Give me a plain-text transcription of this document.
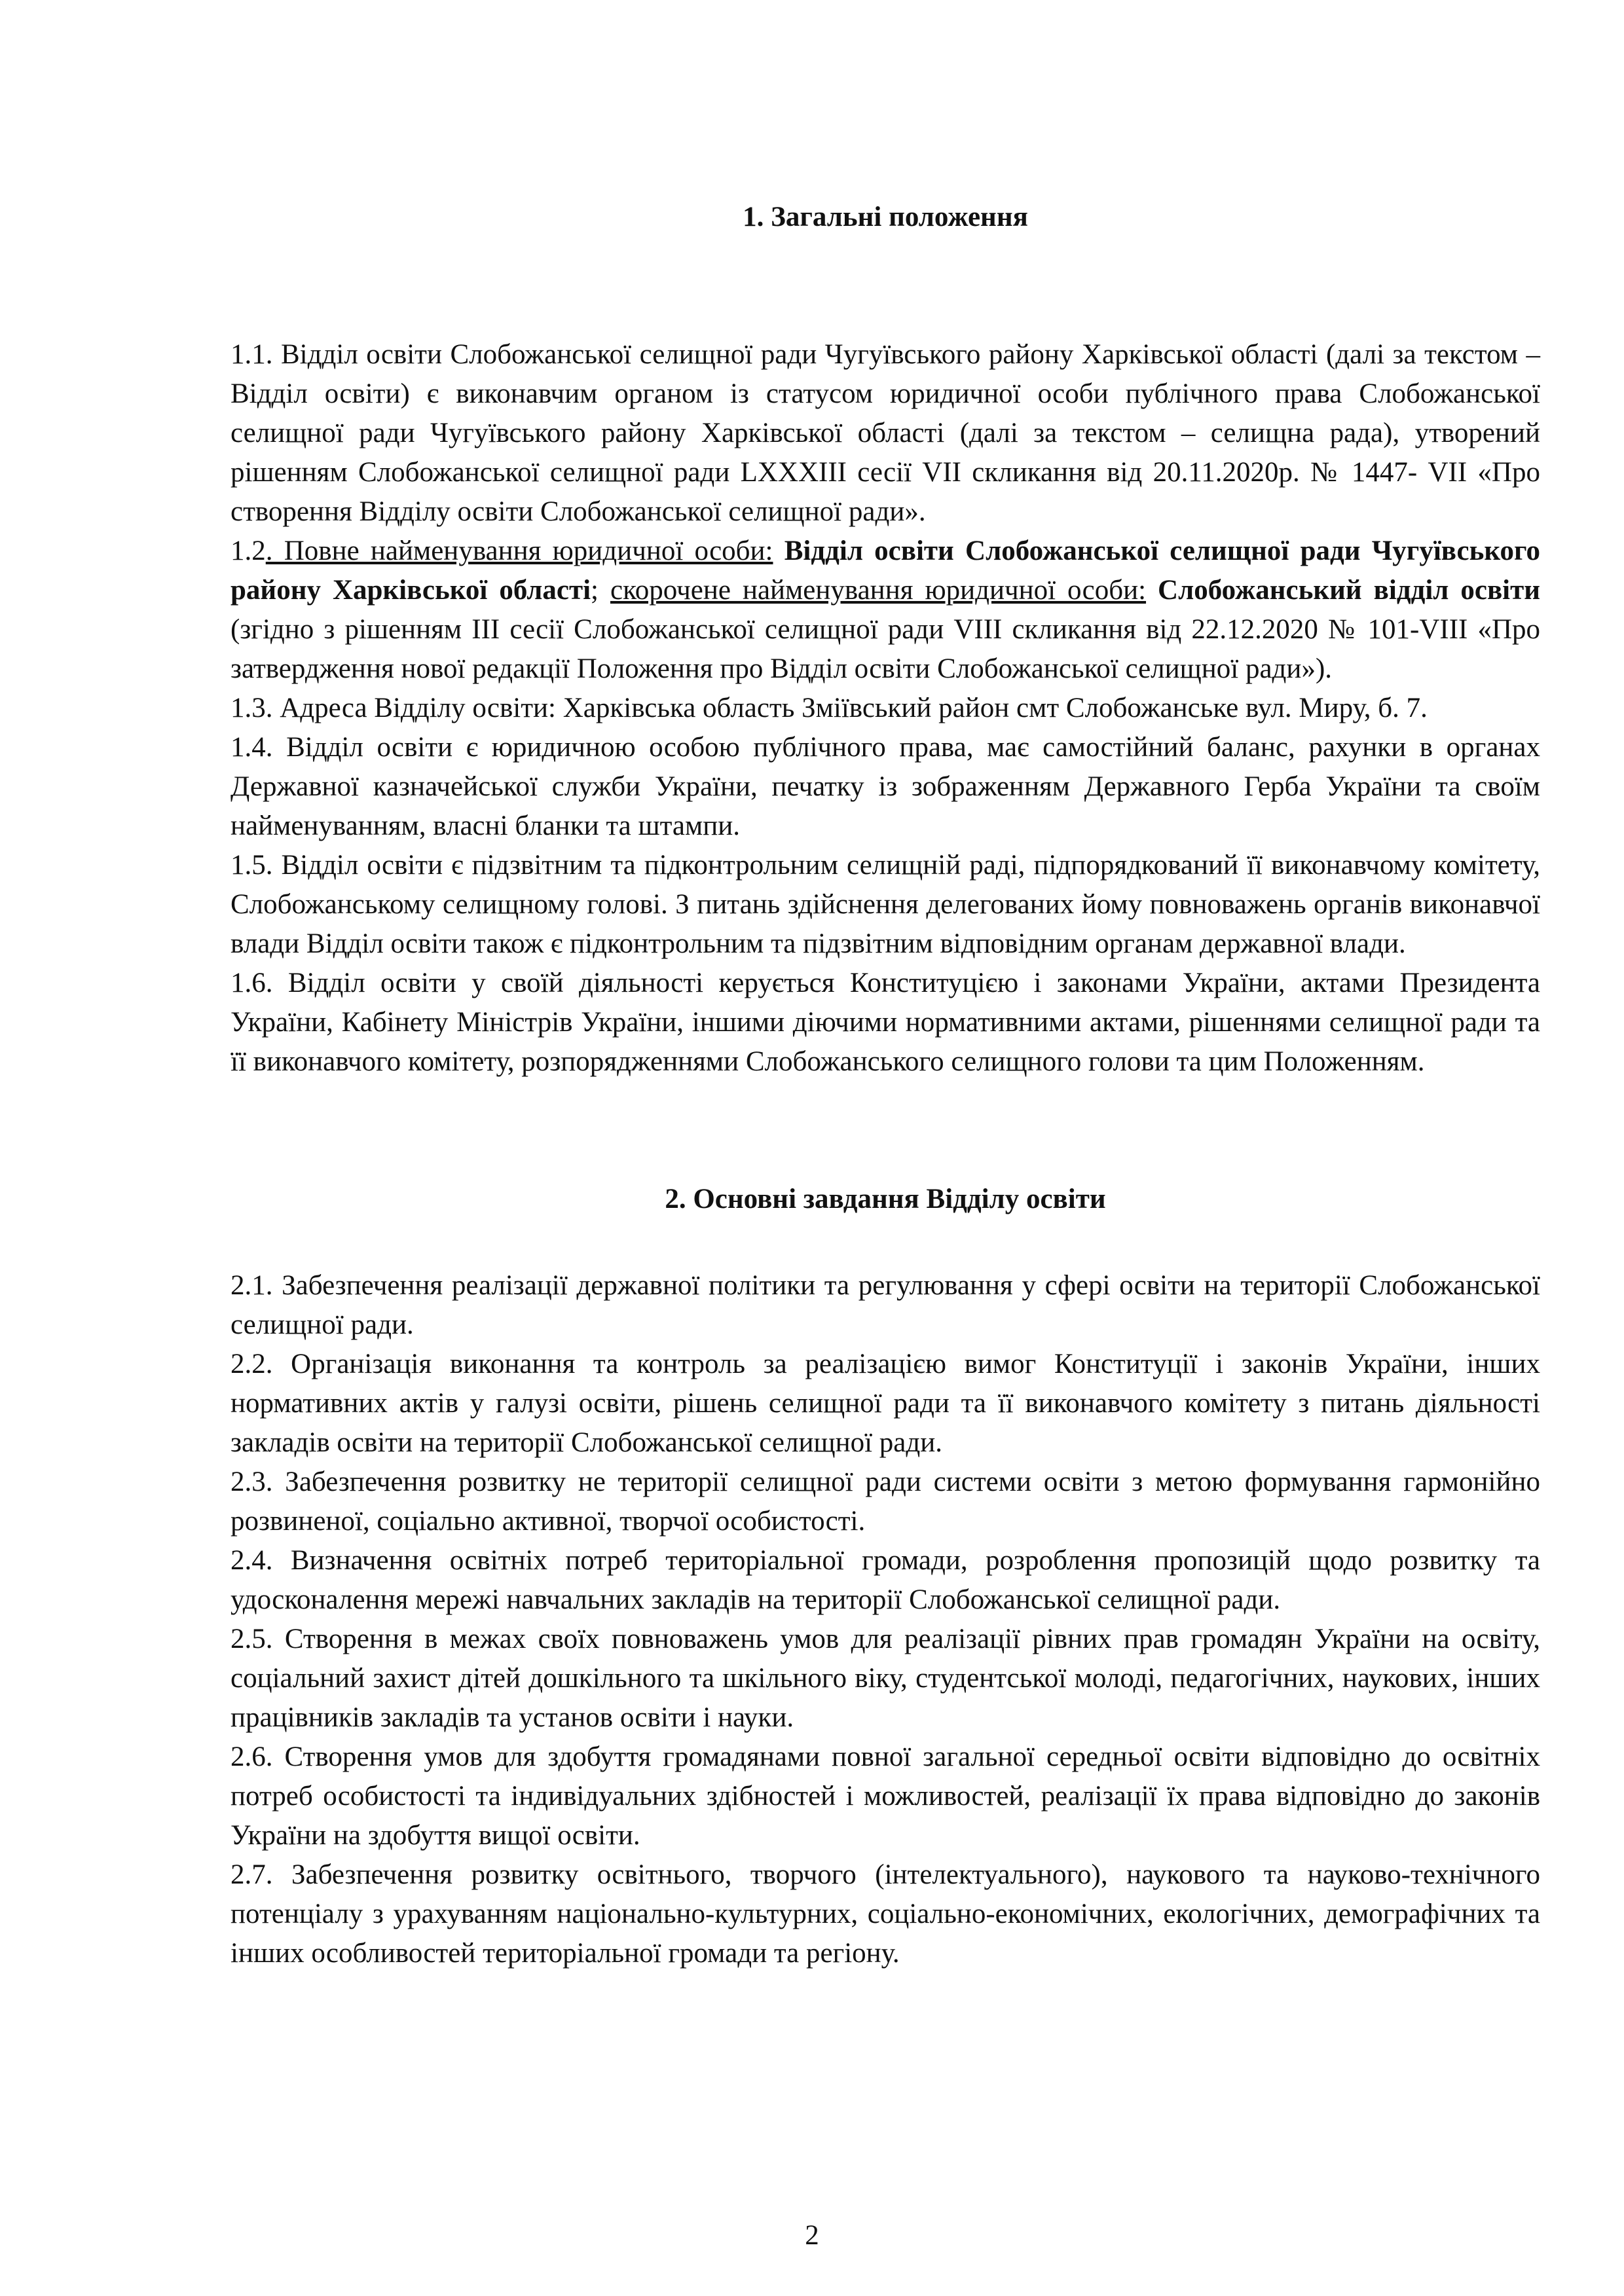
1. Загальні положення

1.1. Відділ освіти Слобожанської селищної ради Чугуївського району Харківської області (далі за текстом – Відділ освіти) є виконавчим органом із статусом юридичної особи публічного права Слобожанської селищної ради Чугуївського району Харківської області (далі за текстом – селищна рада), утворений рішенням Слобожанської селищної ради LXXXIII сесії VII скликання від 20.11.2020р. № 1447- VII «Про створення Відділу освіти Слобожанської селищної ради».

1.2. Повне найменування юридичної особи: Відділ освіти Слобожанської селищної ради Чугуївського району Харківської області; скорочене найменування юридичної особи: Слобожанський відділ освіти (згідно з рішенням ІІІ сесії Слобожанської селищної ради VIII скликання від 22.12.2020 № 101-VІІІ «Про затвердження нової редакції Положення про Відділ освіти Слобожанської селищної ради»).

1.3. Адреса Відділу освіти: Харківська область Зміївський район смт Слобожанське вул. Миру, б. 7.

1.4. Відділ освіти є юридичною особою публічного права, має самостійний баланс, рахунки в органах Державної казначейської служби України, печатку із зображенням Державного Герба України та своїм найменуванням, власні бланки та штампи.

1.5. Відділ освіти є підзвітним та підконтрольним селищній раді, підпорядкований її виконавчому комітету, Слобожанському селищному голові. З питань здійснення делегованих йому повноважень органів виконавчої влади Відділ освіти також є підконтрольним та підзвітним відповідним органам державної влади.

1.6. Відділ освіти у своїй діяльності керується Конституцією і законами України, актами Президента України, Кабінету Міністрів України, іншими діючими нормативними актами, рішеннями селищної ради та її виконавчого комітету, розпорядженнями Слобожанського селищного голови та цим Положенням.

2. Основні завдання Відділу освіти

2.1. Забезпечення реалізації державної політики та регулювання у сфері освіти на території Слобожанської селищної ради.

2.2. Організація виконання та контроль за реалізацією вимог Конституції і законів України, інших нормативних актів у галузі освіти, рішень селищної ради та її виконавчого комітету з питань діяльності закладів освіти на території Слобожанської селищної ради.

2.3. Забезпечення розвитку не території селищної ради системи освіти з метою формування гармонійно розвиненої, соціально активної, творчої особистості.

2.4. Визначення освітніх потреб територіальної громади, розроблення пропозицій щодо розвитку та удосконалення мережі навчальних закладів на території Слобожанської селищної ради.

2.5. Створення в межах своїх повноважень умов для реалізації рівних прав громадян України на освіту, соціальний захист дітей дошкільного та шкільного віку, студентської молоді, педагогічних, наукових, інших працівників закладів та установ освіти і науки.

2.6. Створення умов для здобуття громадянами повної загальної середньої освіти відповідно до освітніх потреб особистості та індивідуальних здібностей і можливостей, реалізації їх права відповідно до законів України на здобуття вищої освіти.

2.7. Забезпечення розвитку освітнього, творчого (інтелектуального), наукового та науково-технічного потенціалу з урахуванням національно-культурних, соціально-економічних, екологічних, демографічних та інших особливостей територіальної громади та регіону.

2
